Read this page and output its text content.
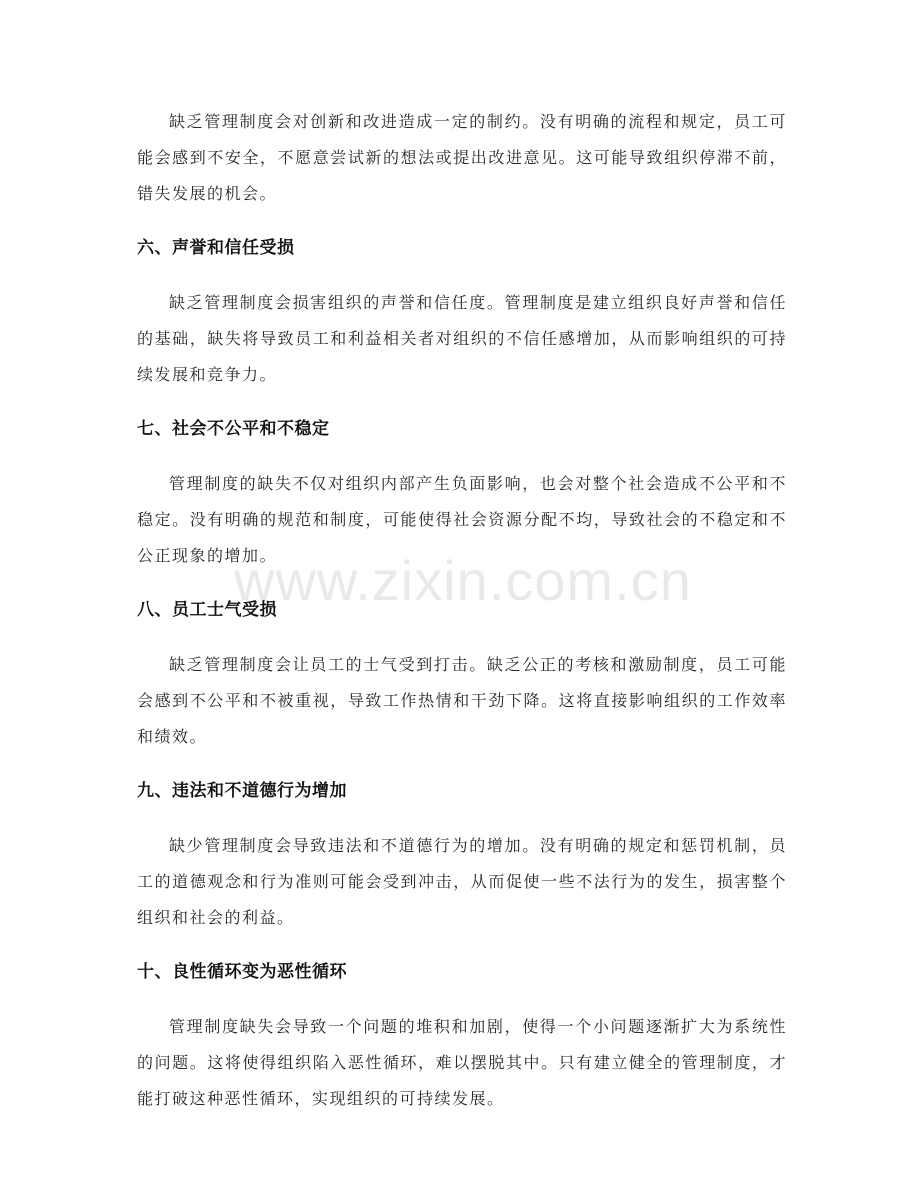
缺乏管理制度会对创新和改进造成一定的制约。没有明确的流程和规定，员工可能会感到不安全，不愿意尝试新的想法或提出改进意见。这可能导致组织停滞不前，错失发展的机会。

六、声誉和信任受损

缺乏管理制度会损害组织的声誉和信任度。管理制度是建立组织良好声誉和信任的基础，缺失将导致员工和利益相关者对组织的不信任感增加，从而影响组织的可持续发展和竞争力。

七、社会不公平和不稳定

管理制度的缺失不仅对组织内部产生负面影响，也会对整个社会造成不公平和不稳定。没有明确的规范和制度，可能使得社会资源分配不均，导致社会的不稳定和不公正现象的增加。

八、员工士气受损

缺乏管理制度会让员工的士气受到打击。缺乏公正的考核和激励制度，员工可能会感到不公平和不被重视，导致工作热情和干劲下降。这将直接影响组织的工作效率和绩效。

九、违法和不道德行为增加

缺少管理制度会导致违法和不道德行为的增加。没有明确的规定和惩罚机制，员工的道德观念和行为准则可能会受到冲击，从而促使一些不法行为的发生，损害整个组织和社会的利益。

十、良性循环变为恶性循环

管理制度缺失会导致一个问题的堆积和加剧，使得一个小问题逐渐扩大为系统性的问题。这将使得组织陷入恶性循环，难以摆脱其中。只有建立健全的管理制度，才能打破这种恶性循环，实现组织的可持续发展。

www.zixin.com.cn
